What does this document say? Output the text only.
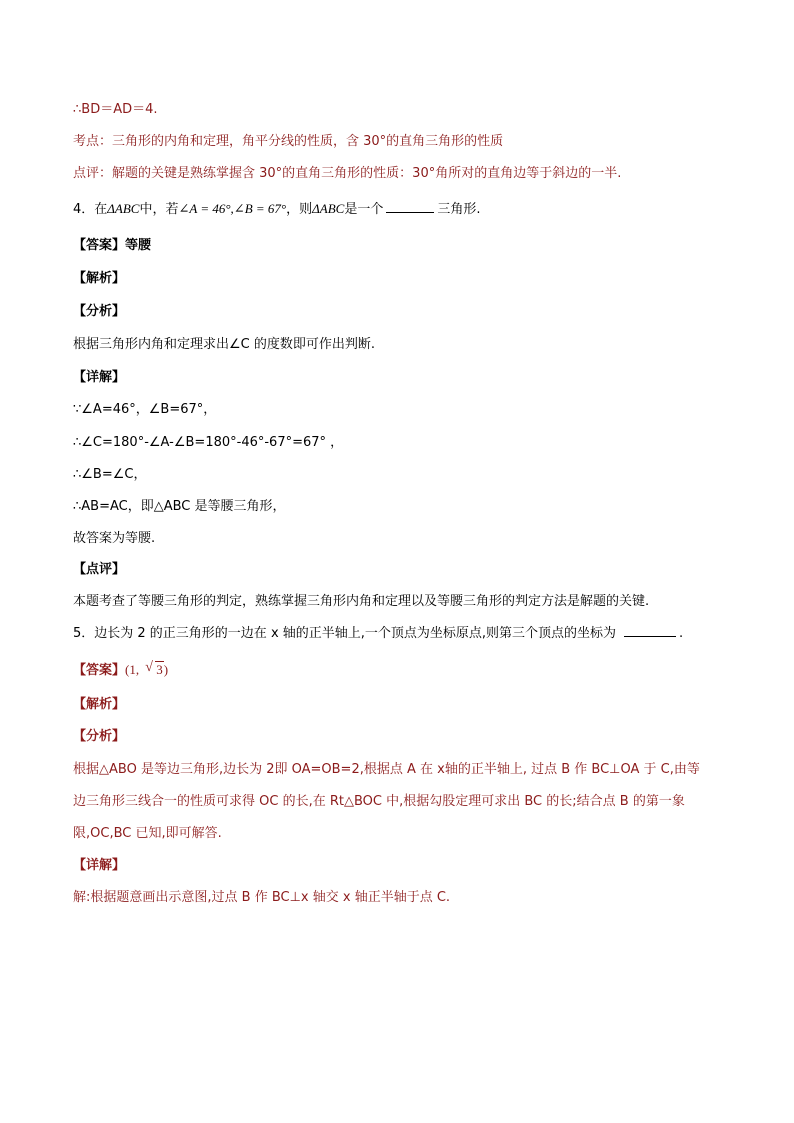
∴BD＝AD＝4.
考点：三角形的内角和定理，角平分线的性质，含 30°的直角三角形的性质
点评：解题的关键是熟练掌握含 30°的直角三角形的性质：30°角所对的直角边等于斜边的一半.
4．在ΔABC中，若∠A = 46°,∠B = 67°，则ΔABC是一个	三角形.
【答案】等腰
【解析】
【分析】
根据三角形内角和定理求出∠C 的度数即可作出判断.
【详解】
∵∠A=46°，∠B=67°，
∴∠C=180°-∠A-∠B=180°-46°-67°=67° ，
∴∠B=∠C，
∴AB=AC，即△ABC 是等腰三角形，
故答案为等腰.
【点评】
本题考查了等腰三角形的判定，熟练掌握三角形内角和定理以及等腰三角形的判定方法是解题的关键.
5．边长为 2 的正三角形的一边在 x 轴的正半轴上,一个顶点为坐标原点,则第三个顶点的坐标为	.
【答案】(1, √ 3)
【解析】
【分析】
根据△ABO 是等边三角形,边长为 2即 OA=OB=2,根据点 A 在 x轴的正半轴上, 过点 B 作 BC⊥OA 于 C,由等
边三角形三线合一的性质可求得 OC 的长,在 Rt△BOC 中,根据勾股定理可求出 BC 的长;结合点 B 的第一象
限,OC,BC 已知,即可解答.
【详解】
解:根据题意画出示意图,过点 B 作 BC⊥x 轴交 x 轴正半轴于点 C.
